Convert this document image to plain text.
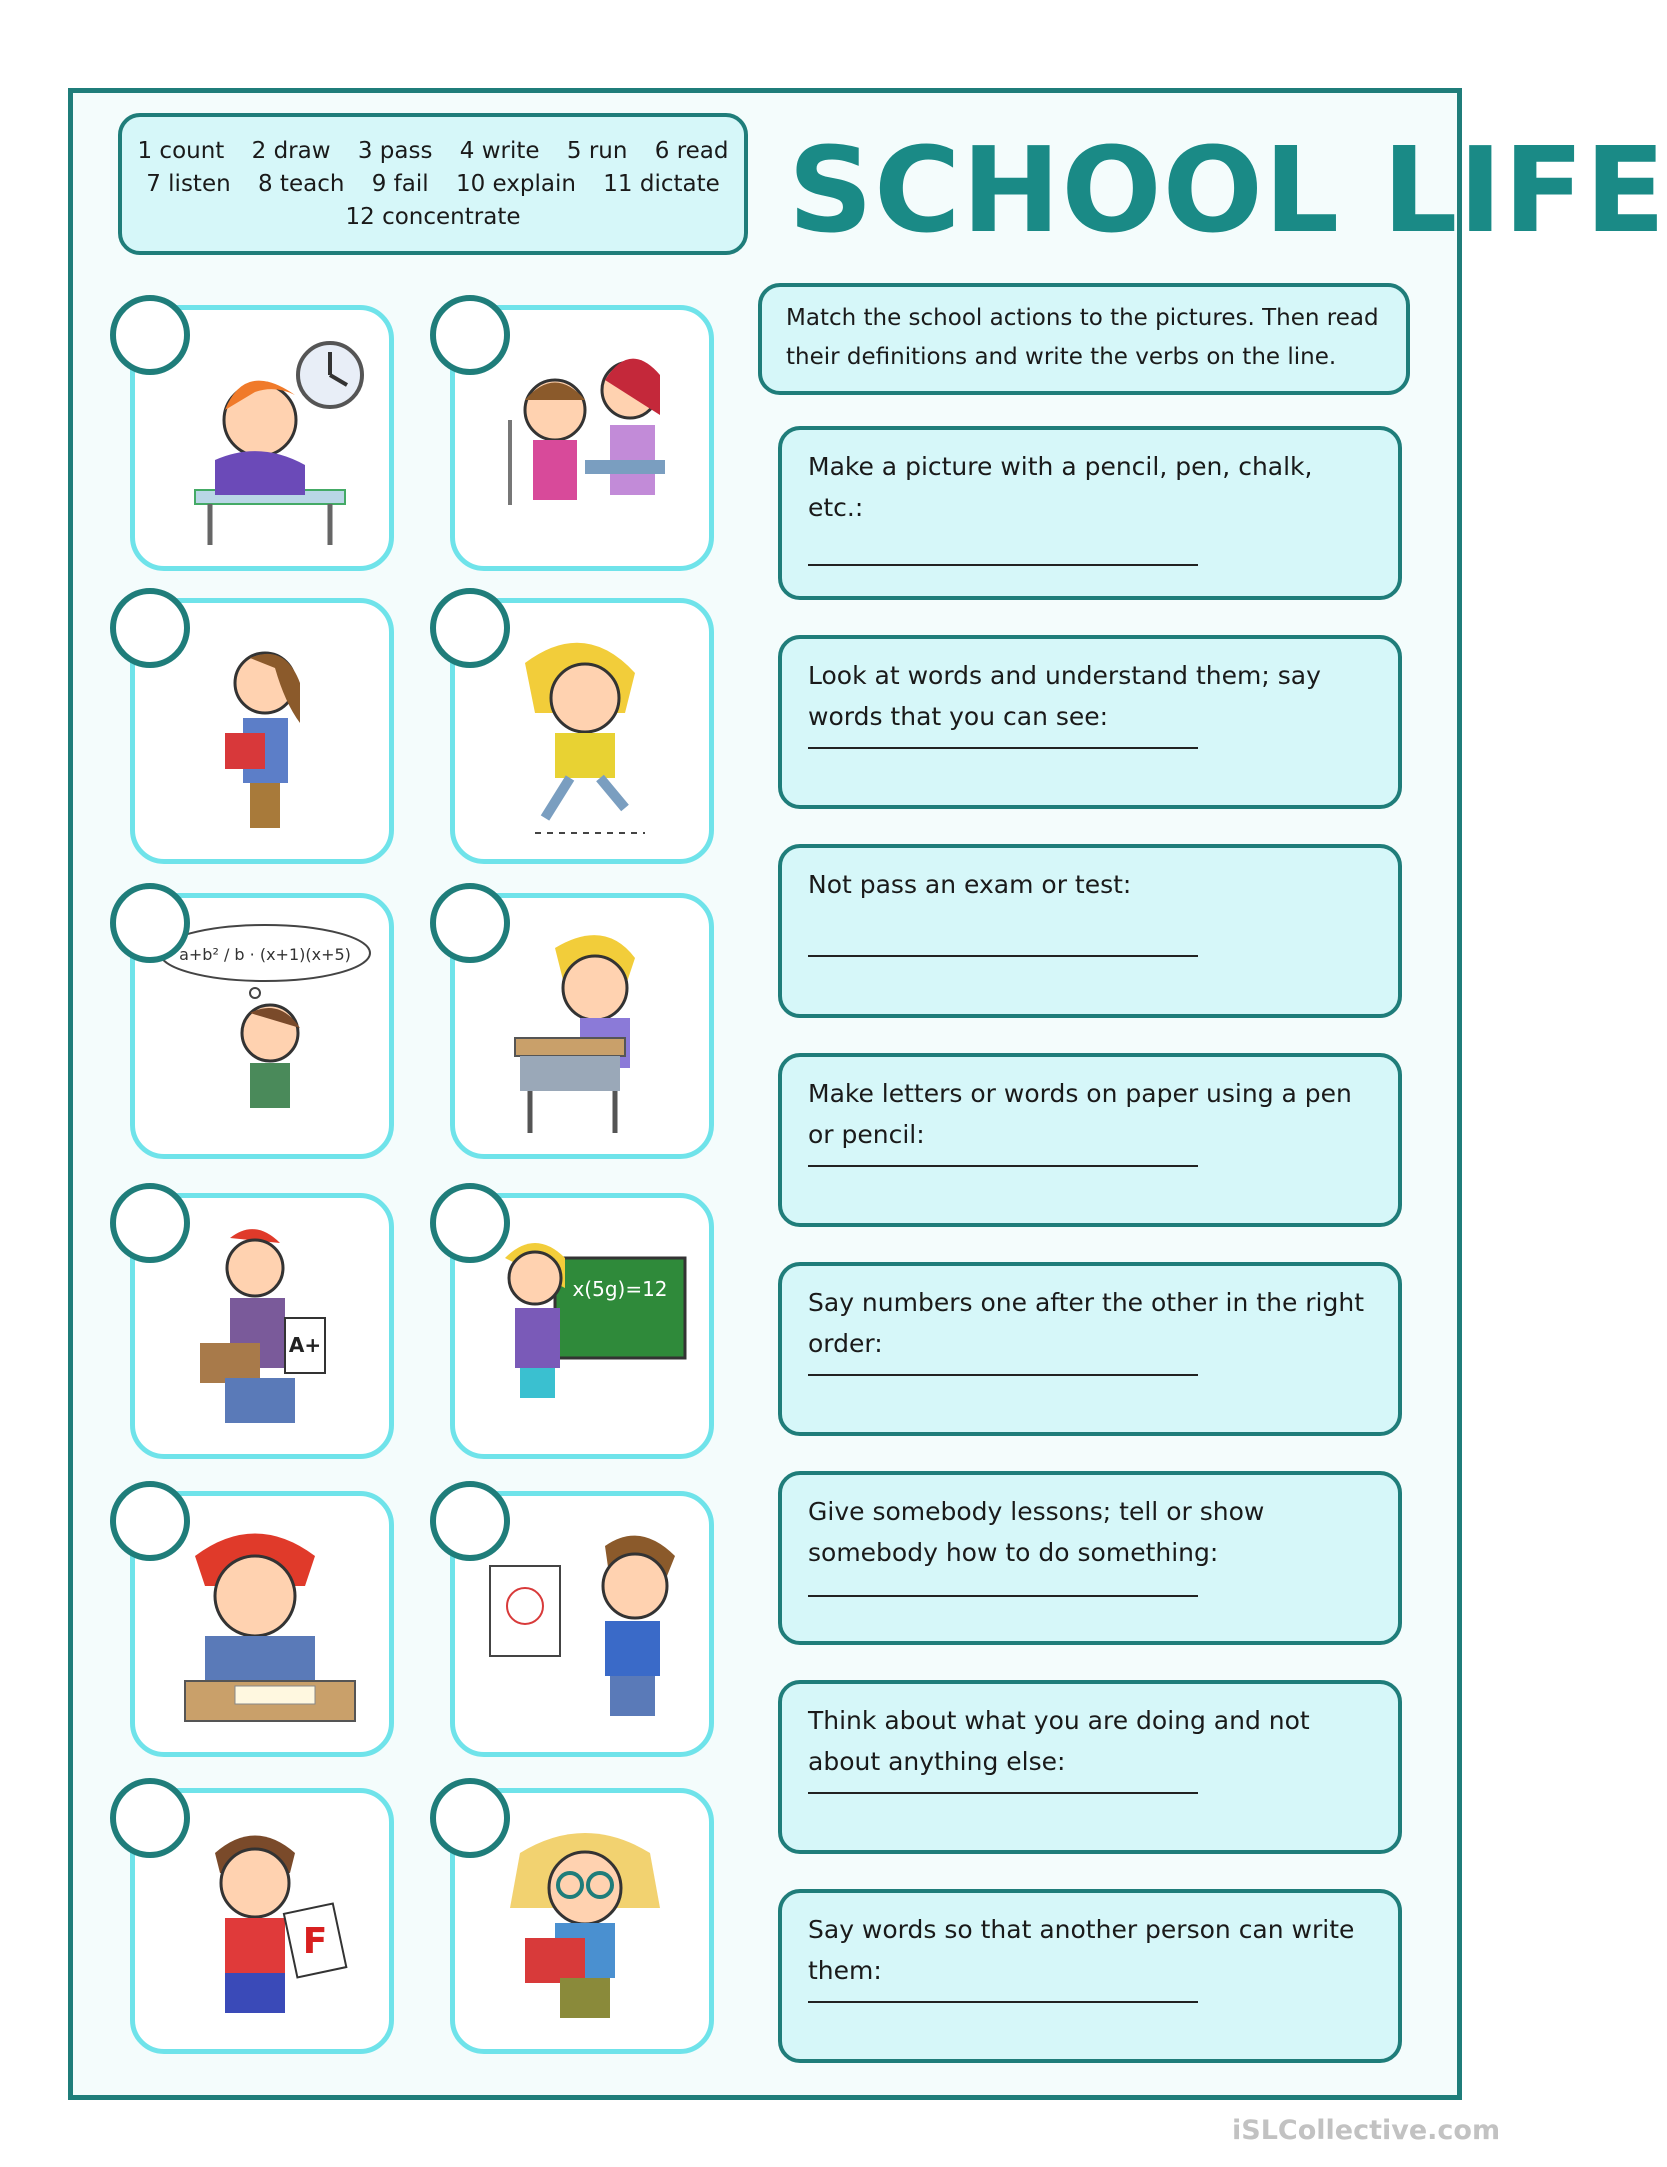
1 count 2 draw 3 pass 4 write 5 run 6 read
7 listen 8 teach 9 fail 10 explain 11 dictate
12 concentrate	SCHOOL LIFE
Match the school actions to the pictures. Then read their definitions and write the verbs on the line.
Make a picture with a pencil, pen, chalk, etc.:
Look at words and understand them; say words that you can see:
Not pass an exam or test:
Make letters or words on paper using a pen or pencil:
Say numbers one after the other in the right order:
Give somebody lessons; tell or show somebody how to do something:
Think about what you are doing and not about anything else:
Say words so that another person can write them:
a+b² / b · (x+1)(x+5)
A+
x(5g)=12
F
iSLCollective.com
